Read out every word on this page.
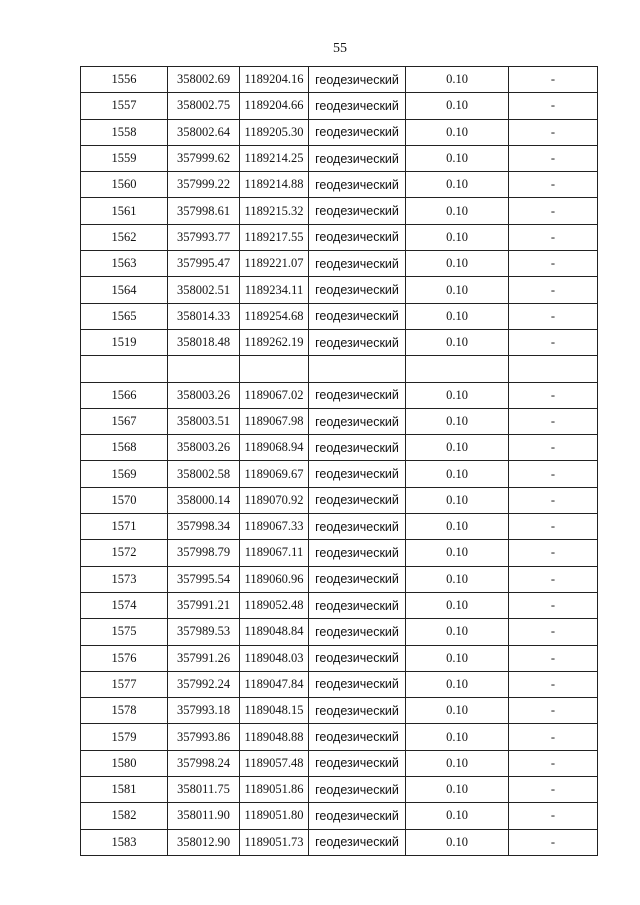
55
1556	358002.69	1189204.16	геодезический	0.10	-
1557	358002.75	1189204.66	геодезический	0.10	-
1558	358002.64	1189205.30	геодезический	0.10	-
1559	357999.62	1189214.25	геодезический	0.10	-
1560	357999.22	1189214.88	геодезический	0.10	-
1561	357998.61	1189215.32	геодезический	0.10	-
1562	357993.77	1189217.55	геодезический	0.10	-
1563	357995.47	1189221.07	геодезический	0.10	-
1564	358002.51	1189234.11	геодезический	0.10	-
1565	358014.33	1189254.68	геодезический	0.10	-
1519	358018.48	1189262.19	геодезический	0.10	-

1566	358003.26	1189067.02	геодезический	0.10	-
1567	358003.51	1189067.98	геодезический	0.10	-
1568	358003.26	1189068.94	геодезический	0.10	-
1569	358002.58	1189069.67	геодезический	0.10	-
1570	358000.14	1189070.92	геодезический	0.10	-
1571	357998.34	1189067.33	геодезический	0.10	-
1572	357998.79	1189067.11	геодезический	0.10	-
1573	357995.54	1189060.96	геодезический	0.10	-
1574	357991.21	1189052.48	геодезический	0.10	-
1575	357989.53	1189048.84	геодезический	0.10	-
1576	357991.26	1189048.03	геодезический	0.10	-
1577	357992.24	1189047.84	геодезический	0.10	-
1578	357993.18	1189048.15	геодезический	0.10	-
1579	357993.86	1189048.88	геодезический	0.10	-
1580	357998.24	1189057.48	геодезический	0.10	-
1581	358011.75	1189051.86	геодезический	0.10	-
1582	358011.90	1189051.80	геодезический	0.10	-
1583	358012.90	1189051.73	геодезический	0.10	-
